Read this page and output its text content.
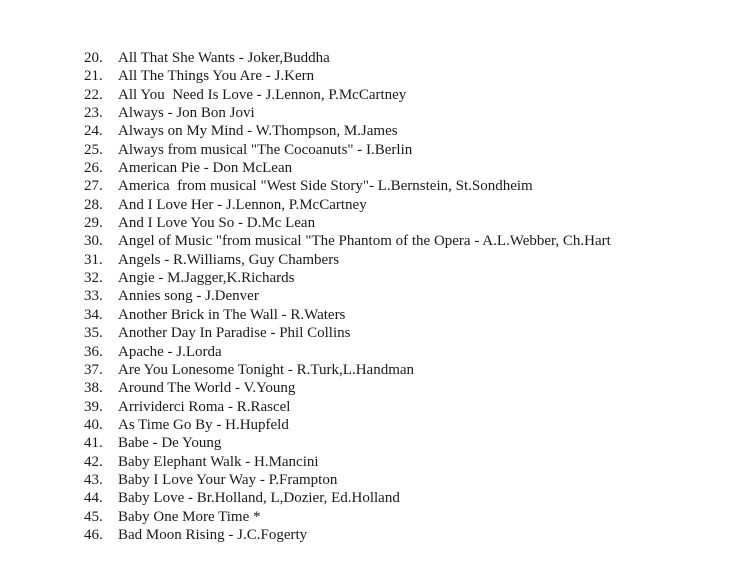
20.	All That She Wants - Joker,Buddha
21.	All The Things You Are - J.Kern
22.	All You  Need Is Love - J.Lennon, P.McCartney
23.	Always - Jon Bon Jovi
24.	Always on My Mind - W.Thompson, M.James
25.	Always from musical "The Cocoanuts" - I.Berlin
26.	American Pie - Don McLean
27.	America  from musical "West Side Story"- L.Bernstein, St.Sondheim
28.	And I Love Her - J.Lennon, P.McCartney
29.	And I Love You So - D.Mc Lean
30.	Angel of Music "from musical "The Phantom of the Opera - A.L.Webber, Ch.Hart
31.	Angels - R.Williams, Guy Chambers
32.	Angie - M.Jagger,K.Richards
33.	Annies song - J.Denver
34.	Another Brick in The Wall - R.Waters
35.	Another Day In Paradise - Phil Collins
36.	Apache - J.Lorda
37.	Are You Lonesome Tonight - R.Turk,L.Handman
38.	Around The World - V.Young
39.	Arrividerci Roma - R.Rascel
40.	As Time Go By - H.Hupfeld
41.	Babe - De Young
42.	Baby Elephant Walk - H.Mancini
43.	Baby I Love Your Way - P.Frampton
44.	Baby Love - Br.Holland, L,Dozier, Ed.Holland
45.	Baby One More Time *
46.	Bad Moon Rising - J.C.Fogerty
